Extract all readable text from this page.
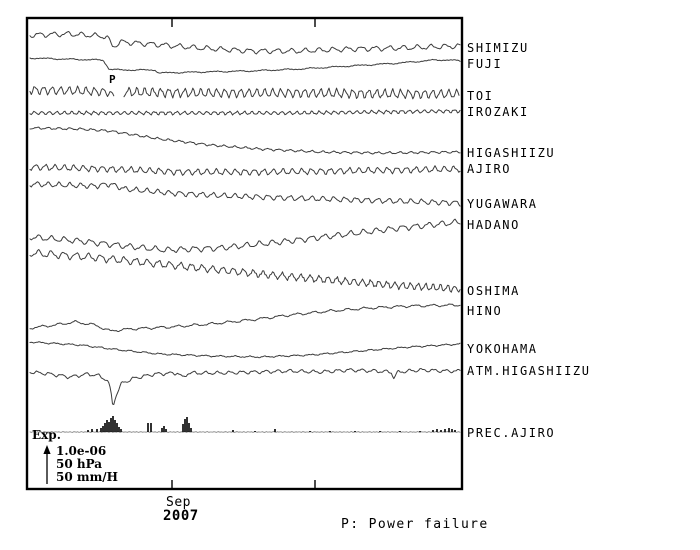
SHIMIZU
FUJI
TOI
IROZAKI
HIGASHIIZU
AJIRO
YUGAWARA
HADANO
OSHIMA
HINO
YOKOHAMA
ATM.HIGASHIIZU
PREC.AJIRO
Exp.
1.0e-06
50 hPa
50 mm/H
Sep
2007
P
P: Power failure
